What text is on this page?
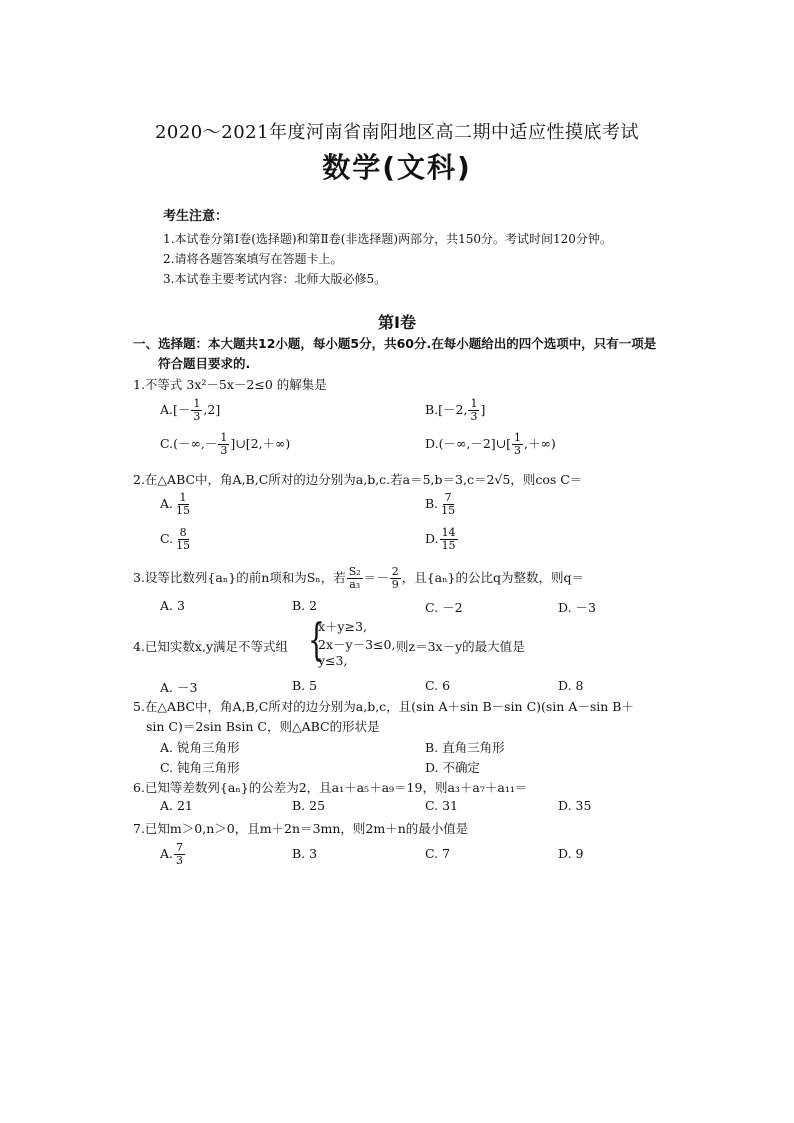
2020～2021年度河南省南阳地区高二期中适应性摸底考试
数学(文科)
考生注意：
1.本试卷分第Ⅰ卷(选择题)和第Ⅱ卷(非选择题)两部分，共150分。考试时间120分钟。
2.请将各题答案填写在答题卡上。
3.本试卷主要考试内容：北师大版必修5。
第Ⅰ卷
一、选择题：本大题共12小题，每小题5分，共60分.在每小题给出的四个选项中，只有一项是
符合题目要求的.
1.不等式 3x²－5x－2≤0 的解集是
$A.[- \frac{1}{3} ,2]$	B.[－2, $\frac{1}{3}$ ]
$C.(-\infty,- \frac{1}{3}$ ]∪[2,＋∞)	D.(－∞,－2]∪[ $\frac{1}{3}$ ,＋∞)
2.在△ABC中，角A,B,C所对的边分别为a,b,c.若a＝5,b＝3,c＝2√5，则cos C＝
A. $\frac{1}{15}$	B. $\frac{7}{15}$
C. $\frac{8}{15}$	D. $\frac{14}{15}$
3.设等比数列{aₙ}的前n项和为Sₙ，若 $\frac{\text{S₂}}{\text{a₃}} =- \frac{2}{9}$ ，且{aₙ}的公比q为整数，则q＝
A. 3	B. 2	C. －2	D. －3
4.已知实数x,y满足不等式组 {
x＋y≥3,
2x－y－3≤0,
y≤3,
则z＝3x－y的最大值是
A. －3	B. 5	C. 6	D. 8
5.在△ABC中，角A,B,C所对的边分别为a,b,c，且(sin A＋sin B－sin C)(sin A－sin B＋
sin C)＝2sin Bsin C，则△ABC的形状是
A. 锐角三角形	B. 直角三角形
C. 钝角三角形	D. 不确定
6.已知等差数列{aₙ}的公差为2，且a₁＋a₅＋a₉＝19，则a₃＋a₇＋a₁₁＝
A. 21	B. 25	C. 31	D. 35
7.已知m＞0,n＞0，且m＋2n＝3mn，则2m＋n的最小值是
A. $\frac{7}{3}$	B. 3	C. 7	D. 9
